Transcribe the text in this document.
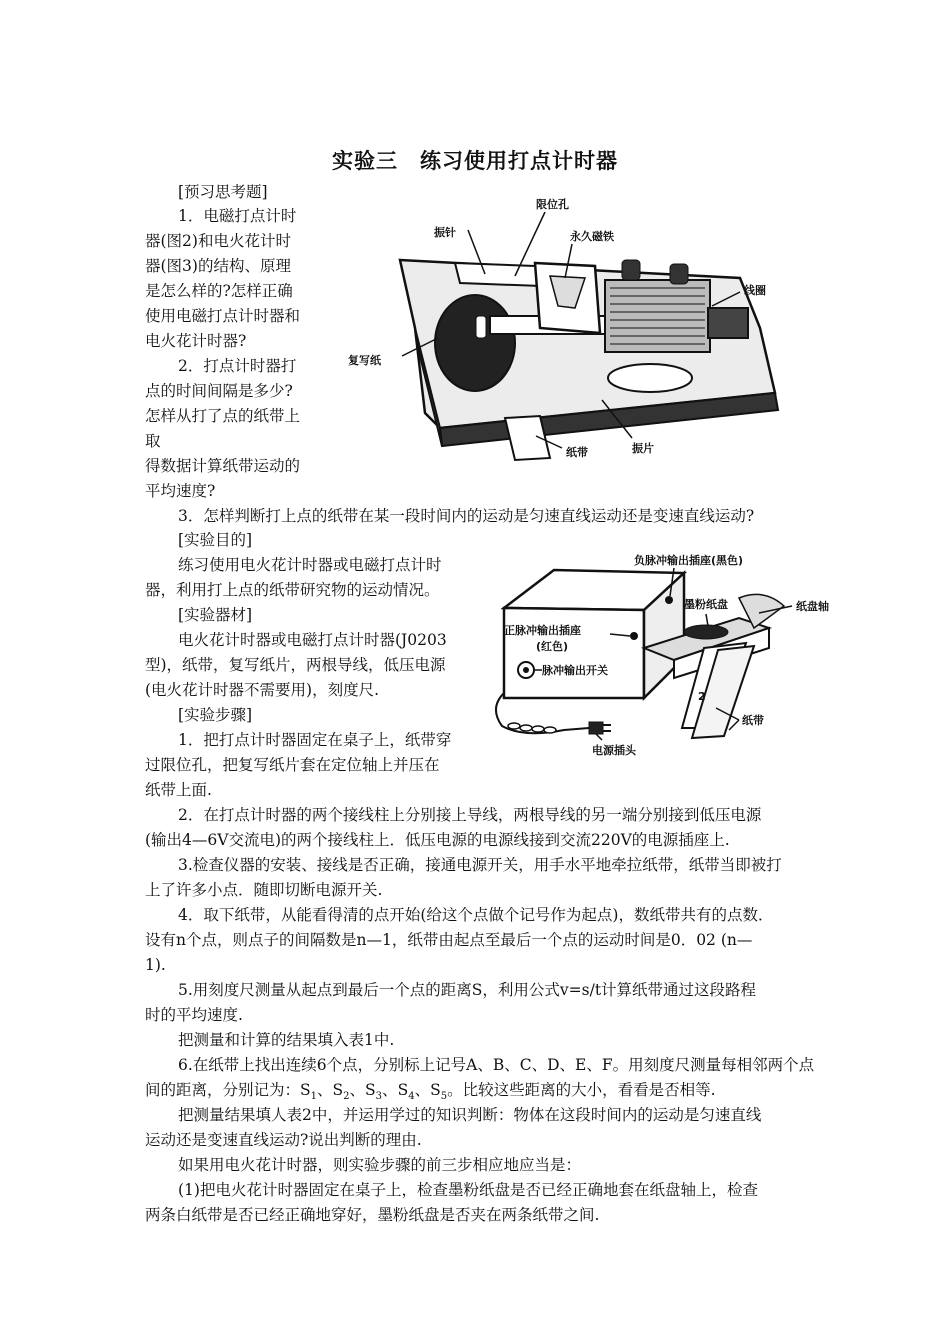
实验三　练习使用打点计时器
[预习思考题]
1．电磁打点计时
器(图2)和电火花计时
器(图3)的结构、原理
是怎么样的?怎样正确
使用电磁打点计时器和
电火花计时器?
2．打点计时器打
点的时间间隔是多少?
怎样从打了点的纸带上
取
得数据计算纸带运动的
平均速度?
3．怎样判断打上点的纸带在某一段时间内的运动是匀速直线运动还是变速直线运动?
限位孔
振针	永久磁铁
线圈
复写纸
纸带	振片
[实验目的]
练习使用电火花计时器或电磁打点计时
器，利用打上点的纸带研究物的运动情况。
[实验器材]
电火花计时器或电磁打点计时器(J0203
型)，纸带，复写纸片，两根导线，低压电源
(电火花计时器不需要用)，刻度尺.
[实验步骤]
1．把打点计时器固定在桌子上，纸带穿
过限位孔，把复写纸片套在定位轴上并压在
纸带上面.
负脉冲输出插座(黑色)
墨粉纸盘	纸盘轴
正脉冲输出插座
(红色)
脉冲输出开关
纸带
电源插头
2
2．在打点计时器的两个接线柱上分别接上导线，两根导线的另一端分别接到低压电源
(输出4—6V交流电)的两个接线柱上．低压电源的电源线接到交流220V的电源插座上.
3.检查仪器的安装、接线是否正确，接通电源开关，用手水平地牵拉纸带，纸带当即被打
上了许多小点．随即切断电源开关.
4．取下纸带，从能看得清的点开始(给这个点做个记号作为起点)，数纸带共有的点数．
设有n个点，则点子的间隔数是n—1，纸带由起点至最后一个点的运动时间是0．02 (n—
1).
5.用刻度尺测量从起点到最后一个点的距离S，利用公式v=s/t计算纸带通过这段路程
时的平均速度.
把测量和计算的结果填入表1中.
6.在纸带上找出连续6个点，分别标上记号A、B、C、D、E、F。用刻度尺测量每相邻两个点
间的距离，分别记为：$S_1$、$S_2$、$S_3$、$S_4$、$S_5$。比较这些距离的大小，看看是否相等.
把测量结果填人表2中，并运用学过的知识判断：物体在这段时间内的运动是匀速直线
运动还是变速直线运动?说出判断的理由.
如果用电火花计时器，则实验步骤的前三步相应地应当是：
(1)把电火花计时器固定在桌子上，检查墨粉纸盘是否已经正确地套在纸盘轴上，检查
两条白纸带是否已经正确地穿好，墨粉纸盘是否夹在两条纸带之间.
